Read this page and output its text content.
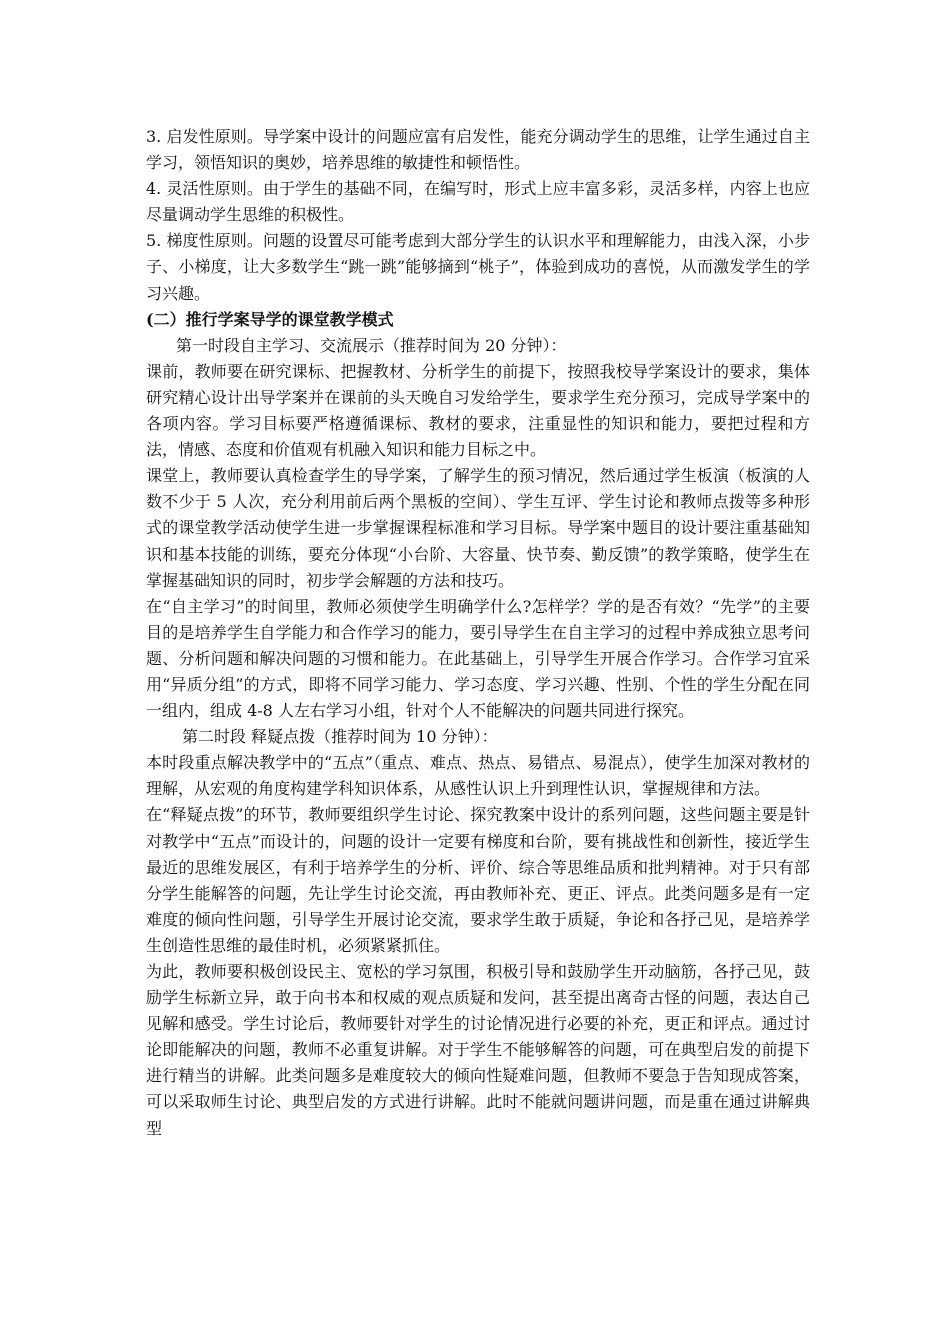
3. 启发性原则。导学案中设计的问题应富有启发性，能充分调动学生的思维，让学生通过自主学习，领悟知识的奥妙，培养思维的敏捷性和顿悟性。

4. 灵活性原则。由于学生的基础不同，在编写时，形式上应丰富多彩，灵活多样，内容上也应尽量调动学生思维的积极性。

5. 梯度性原则。问题的设置尽可能考虑到大部分学生的认识水平和理解能力，由浅入深，小步子、小梯度，让大多数学生“跳一跳”能够摘到“桃子”，体验到成功的喜悦，从而激发学生的学习兴趣。

(二）推行学案导学的课堂教学模式

第一时段自主学习、交流展示（推荐时间为 20 分钟）：

课前，教师要在研究课标、把握教材、分析学生的前提下，按照我校导学案设计的要求，集体研究精心设计出导学案并在课前的头天晚自习发给学生，要求学生充分预习，完成导学案中的各项内容。学习目标要严格遵循课标、教材的要求，注重显性的知识和能力，要把过程和方法，情感、态度和价值观有机融入知识和能力目标之中。

课堂上，教师要认真检查学生的导学案，了解学生的预习情况，然后通过学生板演（板演的人数不少于 5 人次，充分利用前后两个黑板的空间）、学生互评、学生讨论和教师点拨等多种形式的课堂教学活动使学生进一步掌握课程标准和学习目标。导学案中题目的设计要注重基础知识和基本技能的训练，要充分体现“小台阶、大容量、快节奏、勤反馈”的教学策略，使学生在掌握基础知识的同时，初步学会解题的方法和技巧。

在“自主学习”的时间里，教师必须使学生明确学什么?怎样学？学的是否有效？“先学”的主要目的是培养学生自学能力和合作学习的能力，要引导学生在自主学习的过程中养成独立思考问题、分析问题和解决问题的习惯和能力。在此基础上，引导学生开展合作学习。合作学习宜采用“异质分组”的方式，即将不同学习能力、学习态度、学习兴趣、性别、个性的学生分配在同一组内，组成 4-8 人左右学习小组，针对个人不能解决的问题共同进行探究。

第二时段 释疑点拨（推荐时间为 10 分钟）：

本时段重点解决教学中的“五点”（重点、难点、热点、易错点、易混点），使学生加深对教材的理解，从宏观的角度构建学科知识体系，从感性认识上升到理性认识，掌握规律和方法。

在“释疑点拨”的环节，教师要组织学生讨论、探究教案中设计的系列问题，这些问题主要是针对教学中“五点”而设计的，问题的设计一定要有梯度和台阶，要有挑战性和创新性，接近学生最近的思维发展区，有利于培养学生的分析、评价、综合等思维品质和批判精神。对于只有部分学生能解答的问题，先让学生讨论交流，再由教师补充、更正、评点。此类问题多是有一定难度的倾向性问题，引导学生开展讨论交流，要求学生敢于质疑，争论和各抒己见，是培养学生创造性思维的最佳时机，必须紧紧抓住。

为此，教师要积极创设民主、宽松的学习氛围，积极引导和鼓励学生开动脑筋，各抒己见，鼓励学生标新立异，敢于向书本和权威的观点质疑和发问，甚至提出离奇古怪的问题，表达自己见解和感受。学生讨论后，教师要针对学生的讨论情况进行必要的补充，更正和评点。通过讨论即能解决的问题，教师不必重复讲解。对于学生不能够解答的问题，可在典型启发的前提下进行精当的讲解。此类问题多是难度较大的倾向性疑难问题，但教师不要急于告知现成答案，可以采取师生讨论、典型启发的方式进行讲解。此时不能就问题讲问题，而是重在通过讲解典型
